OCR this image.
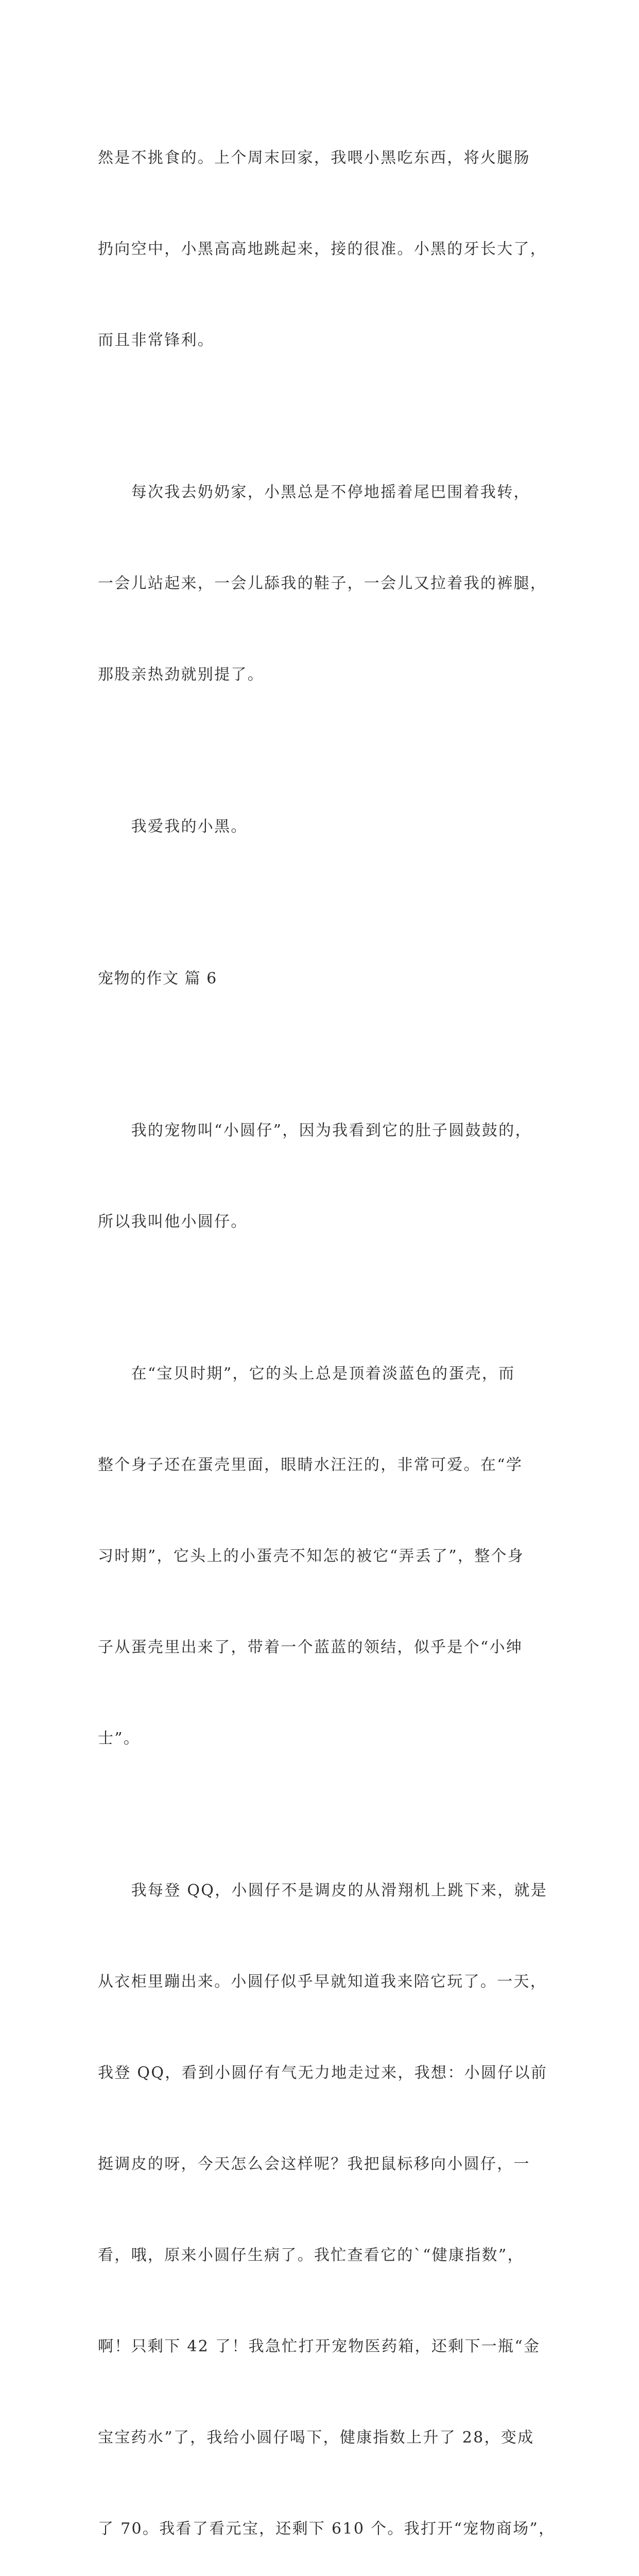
然是不挑食的。上个周末回家，我喂小黑吃东西，将火腿肠

扔向空中，小黑高高地跳起来，接的很准。小黑的牙长大了，

而且非常锋利。

　　每次我去奶奶家，小黑总是不停地摇着尾巴围着我转，

一会儿站起来，一会儿舔我的鞋子，一会儿又拉着我的裤腿，

那股亲热劲就别提了。

　　我爱我的小黑。

宠物的作文 篇 6

　　我的宠物叫“小圆仔”，因为我看到它的肚子圆鼓鼓的，

所以我叫他小圆仔。

　　在“宝贝时期”，它的头上总是顶着淡蓝色的蛋壳，而

整个身子还在蛋壳里面，眼睛水汪汪的，非常可爱。在“学

习时期”，它头上的小蛋壳不知怎的被它“弄丢了”，整个身

子从蛋壳里出来了，带着一个蓝蓝的领结，似乎是个“小绅

士”。

　　我每登 QQ，小圆仔不是调皮的从滑翔机上跳下来，就是

从衣柜里蹦出来。小圆仔似乎早就知道我来陪它玩了。一天，

我登 QQ，看到小圆仔有气无力地走过来，我想：小圆仔以前

挺调皮的呀，今天怎么会这样呢？我把鼠标移向小圆仔，一

看，哦，原来小圆仔生病了。我忙查看它的`“健康指数”，

啊！只剩下 42 了！我急忙打开宠物医药箱，还剩下一瓶“金

宝宝药水”了，我给小圆仔喝下，健康指数上升了 28，变成

了 70。我看了看元宝，还剩下 610 个。我打开“宠物商场”，
